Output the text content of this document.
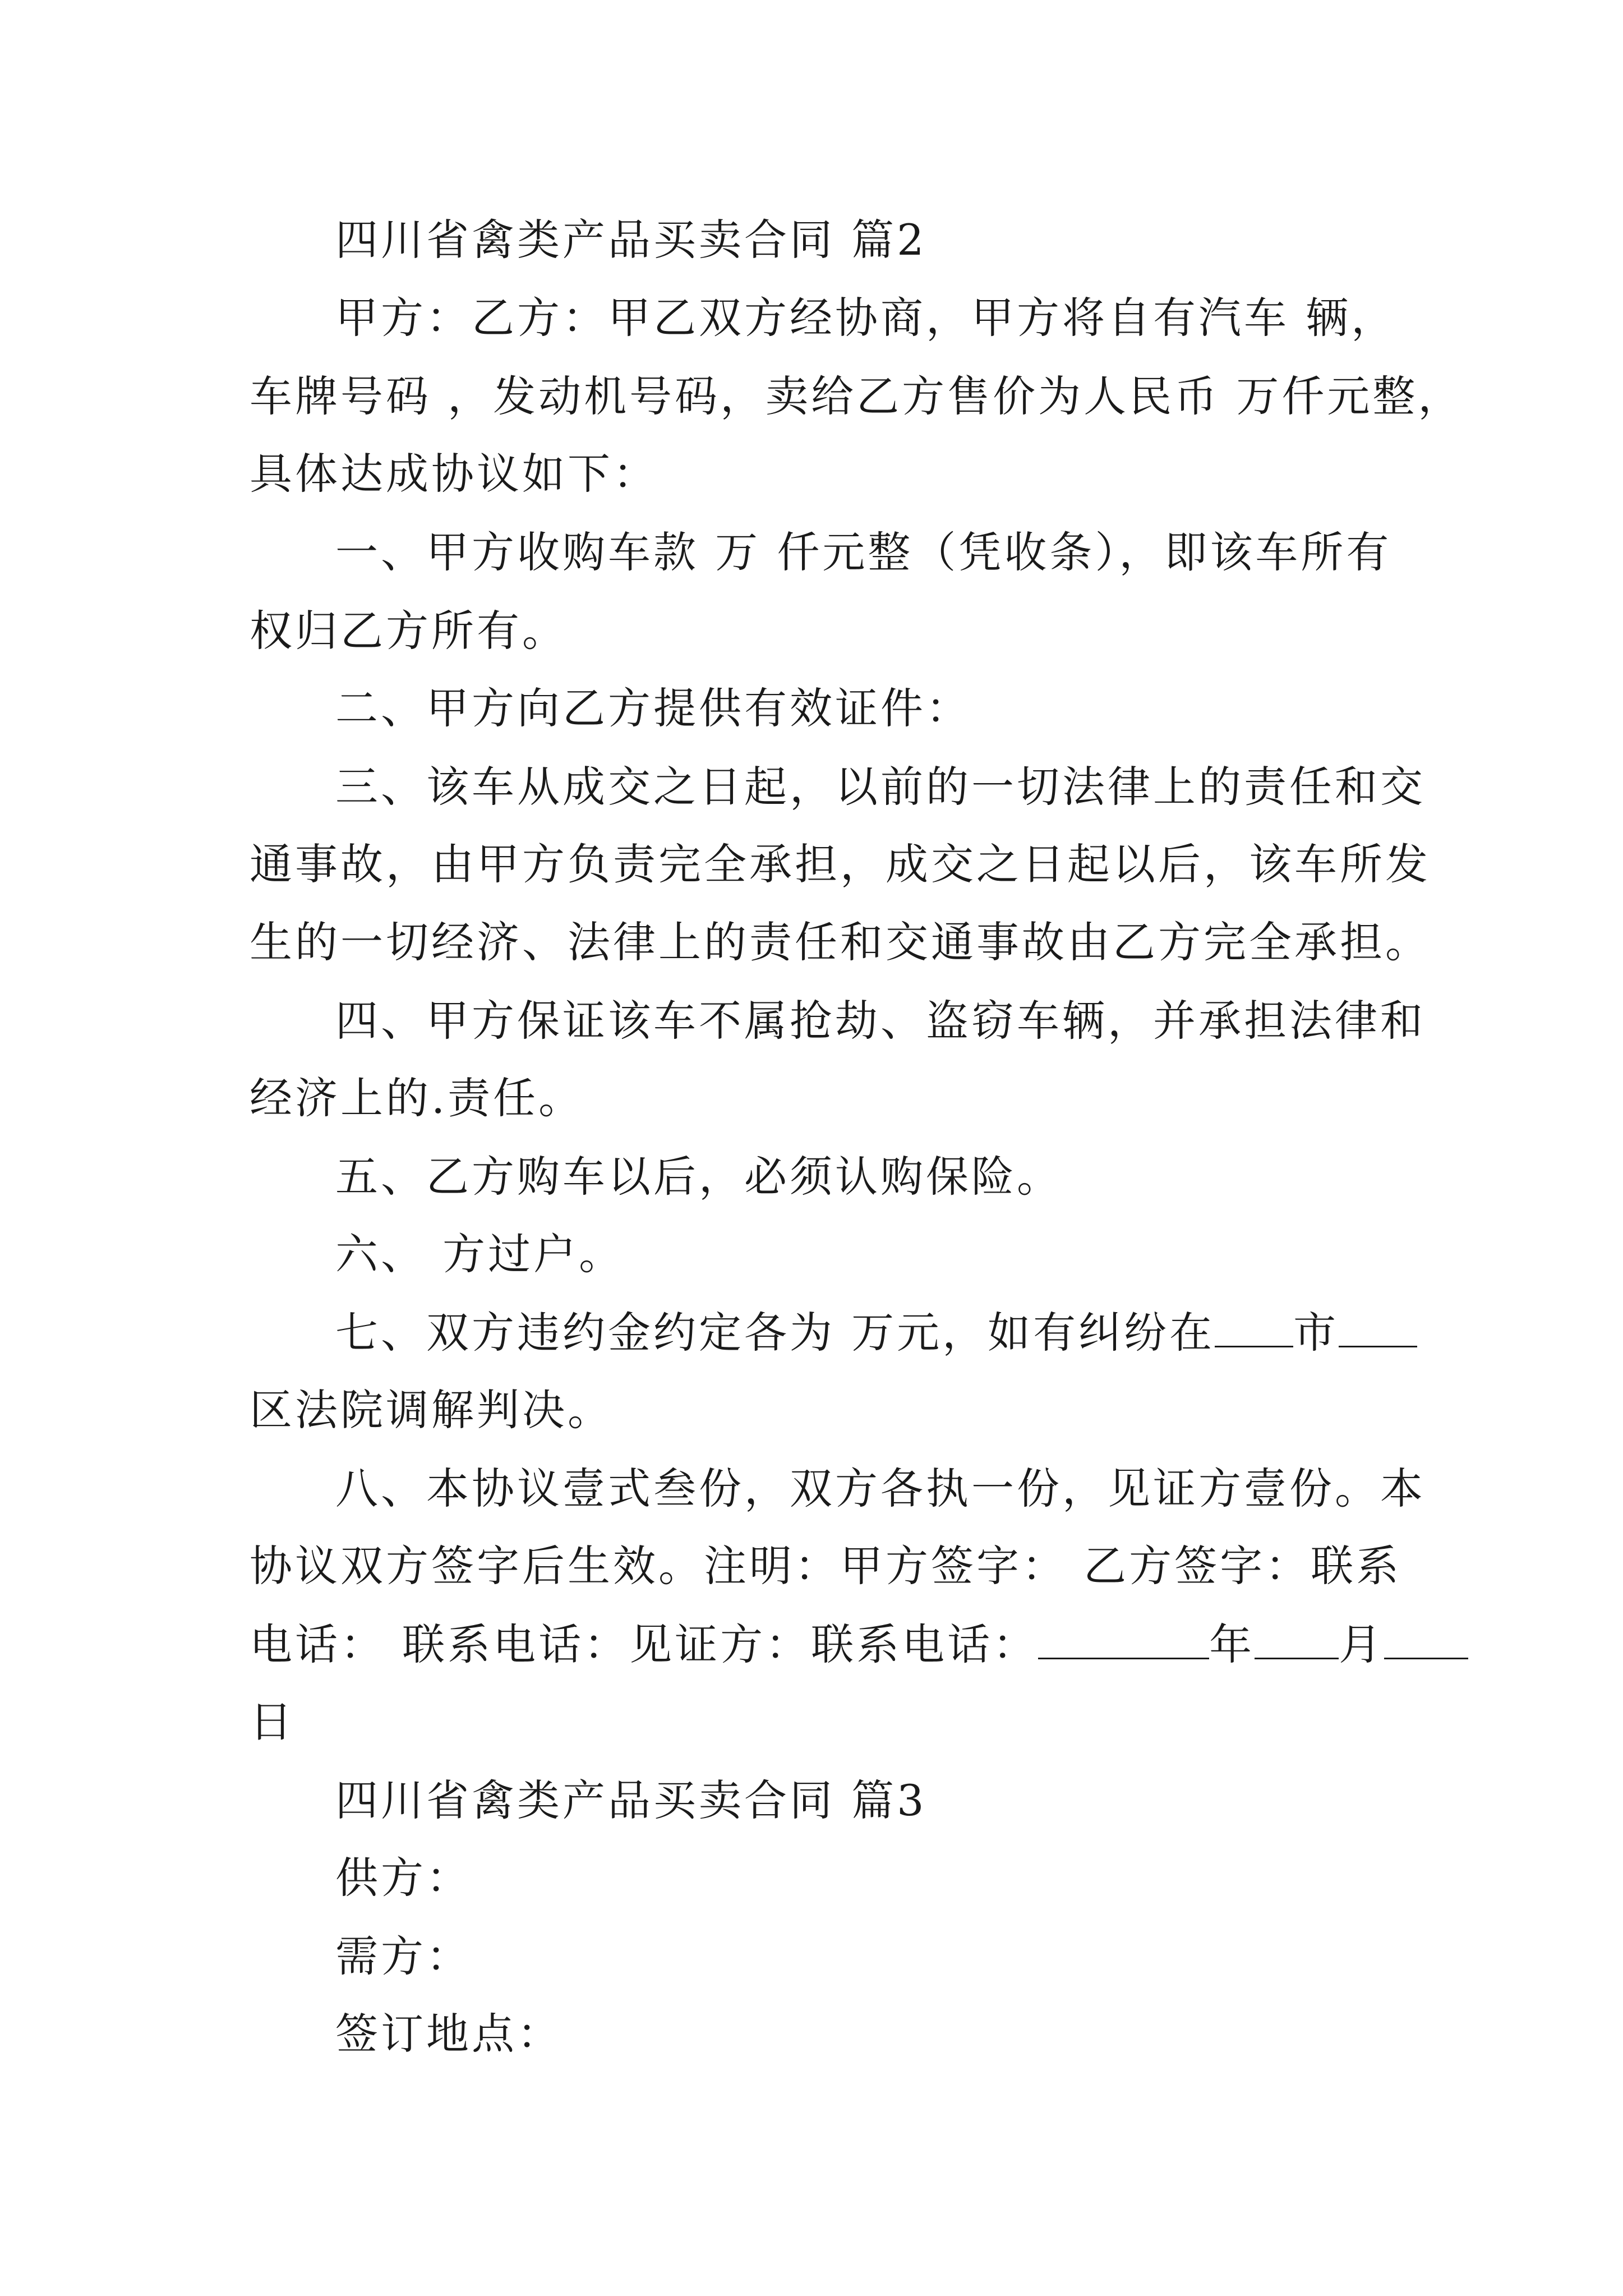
四川省禽类产品买卖合同 篇2
甲方：乙方：甲乙双方经协商，甲方将自有汽车 辆，
车牌号码 ，发动机号码，卖给乙方售价为人民币 万仟元整，
具体达成协议如下：
一、甲方收购车款 万 仟元整（凭收条），即该车所有
权归乙方所有。
二、甲方向乙方提供有效证件：
三、该车从成交之日起，以前的一切法律上的责任和交
通事故，由甲方负责完全承担，成交之日起以后，该车所发
生的一切经济、法律上的责任和交通事故由乙方完全承担。
四、甲方保证该车不属抢劫、盗窃车辆，并承担法律和
经济上的.责任。
五、乙方购车以后，必须认购保险。
六、 方过户。
七、双方违约金约定各为 万元，如有纠纷在 市
区法院调解判决。
八、本协议壹式叁份，双方各执一份，见证方壹份。本
协议双方签字后生效。注明：甲方签字： 乙方签字：联系
电话： 联系电话：见证方：联系电话：	年 月
日
四川省禽类产品买卖合同 篇3
供方：
需方：
签订地点：
